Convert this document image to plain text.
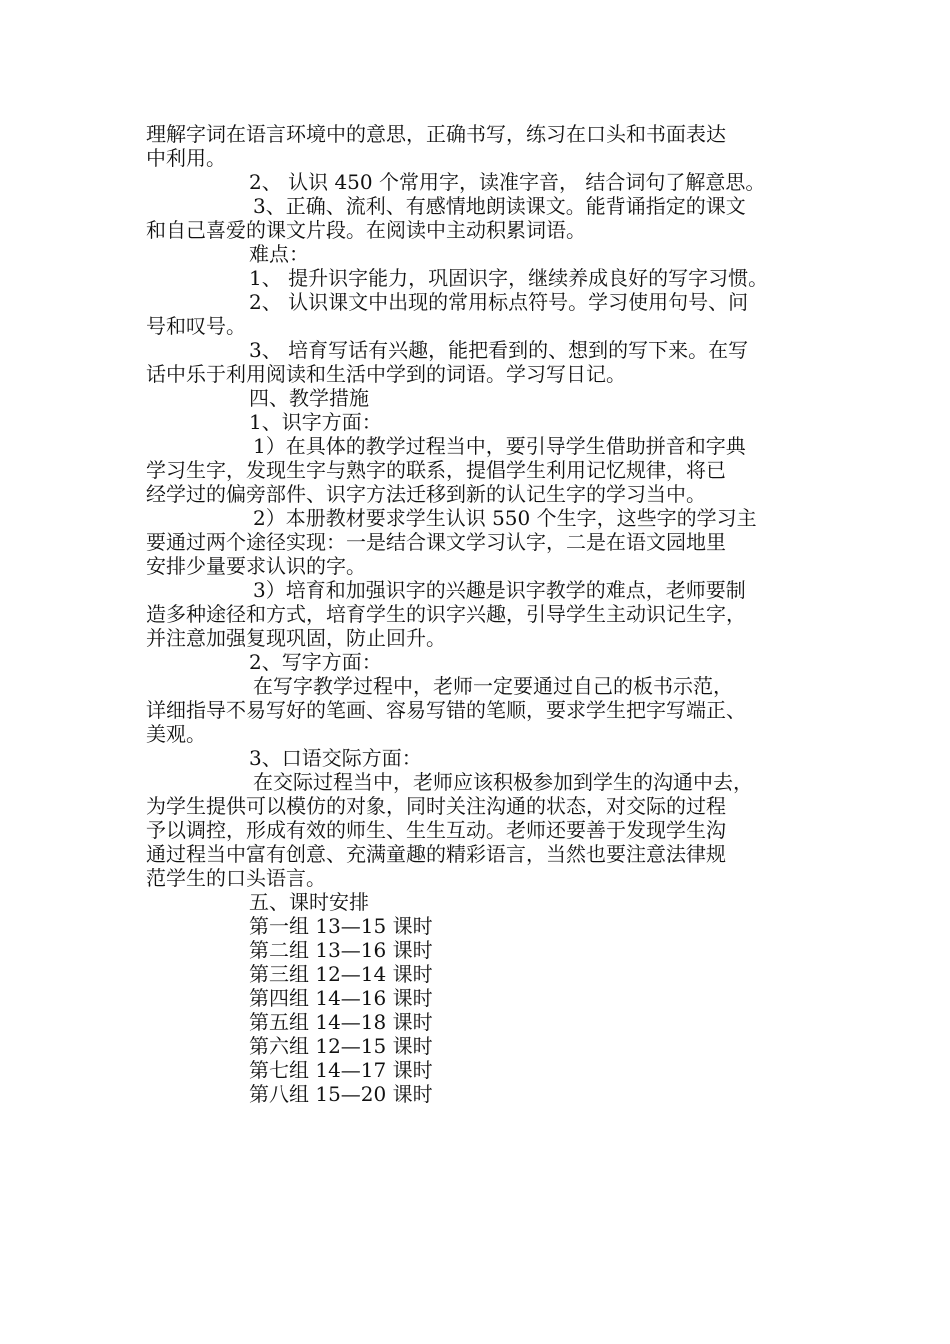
理解字词在语言环境中的意思，正确书写，练习在口头和书面表达
中利用。
2、 认识 450 个常用字，读准字音， 结合词句了解意思。
3、正确、流利、有感情地朗读课文。能背诵指定的课文
和自己喜爱的课文片段。在阅读中主动积累词语。
难点：
1、 提升识字能力，巩固识字，继续养成良好的写字习惯。
2、 认识课文中出现的常用标点符号。学习使用句号、问
号和叹号。
3、 培育写话有兴趣，能把看到的、想到的写下来。在写
话中乐于利用阅读和生活中学到的词语。学习写日记。
四、教学措施
1、识字方面：
1）在具体的教学过程当中，要引导学生借助拼音和字典
学习生字，发现生字与熟字的联系，提倡学生利用记忆规律，将已
经学过的偏旁部件、识字方法迁移到新的认记生字的学习当中。
2）本册教材要求学生认识 550 个生字，这些字的学习主
要通过两个途径实现：一是结合课文学习认字，二是在语文园地里
安排少量要求认识的字。
3）培育和加强识字的兴趣是识字教学的难点，老师要制
造多种途径和方式，培育学生的识字兴趣，引导学生主动识记生字，
并注意加强复现巩固，防止回升。
2、写字方面：
在写字教学过程中，老师一定要通过自己的板书示范，
详细指导不易写好的笔画、容易写错的笔顺，要求学生把字写端正、
美观。
3、口语交际方面：
在交际过程当中，老师应该积极参加到学生的沟通中去，
为学生提供可以模仿的对象，同时关注沟通的状态，对交际的过程
予以调控，形成有效的师生、生生互动。老师还要善于发现学生沟
通过程当中富有创意、充满童趣的精彩语言，当然也要注意法律规
范学生的口头语言。
五、课时安排
第一组 13—15 课时
第二组 13—16 课时
第三组 12—14 课时
第四组 14—16 课时
第五组 14—18 课时
第六组 12—15 课时
第七组 14—17 课时
第八组 15—20 课时
